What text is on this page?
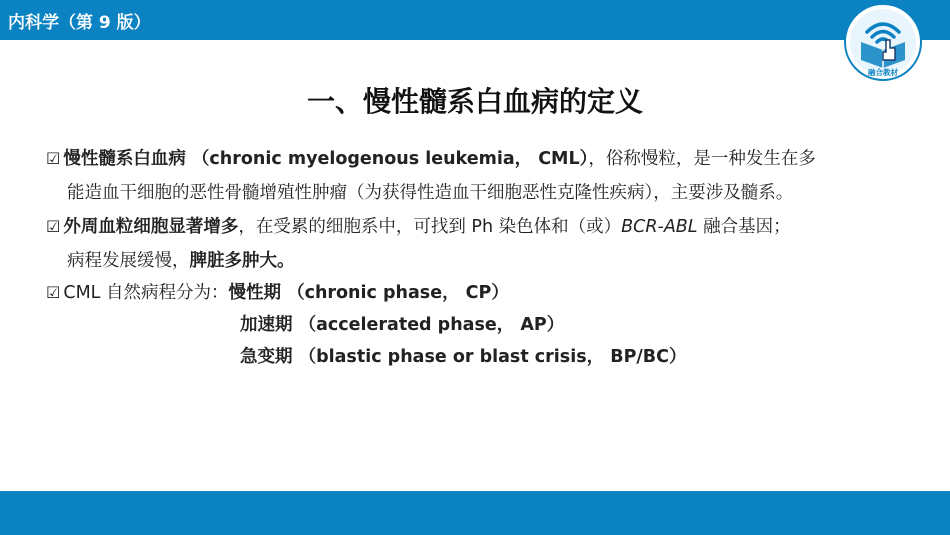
内科学（第 9 版）
融合教材
一、慢性髓系白血病的定义
☑ 慢性髓系白血病 （chronic myelogenous leukemia， CML），俗称慢粒，是一种发生在多
能造血干细胞的恶性骨髓增殖性肿瘤（为获得性造血干细胞恶性克隆性疾病），主要涉及髓系。
☑ 外周血粒细胞显著增多，在受累的细胞系中，可找到 Ph 染色体和（或）BCR-ABL 融合基因；
病程发展缓慢，脾脏多肿大。
☑ CML 自然病程分为：慢性期 （chronic phase， CP）
加速期 （accelerated phase， AP）
急变期 （blastic phase or blast crisis， BP/BC）
